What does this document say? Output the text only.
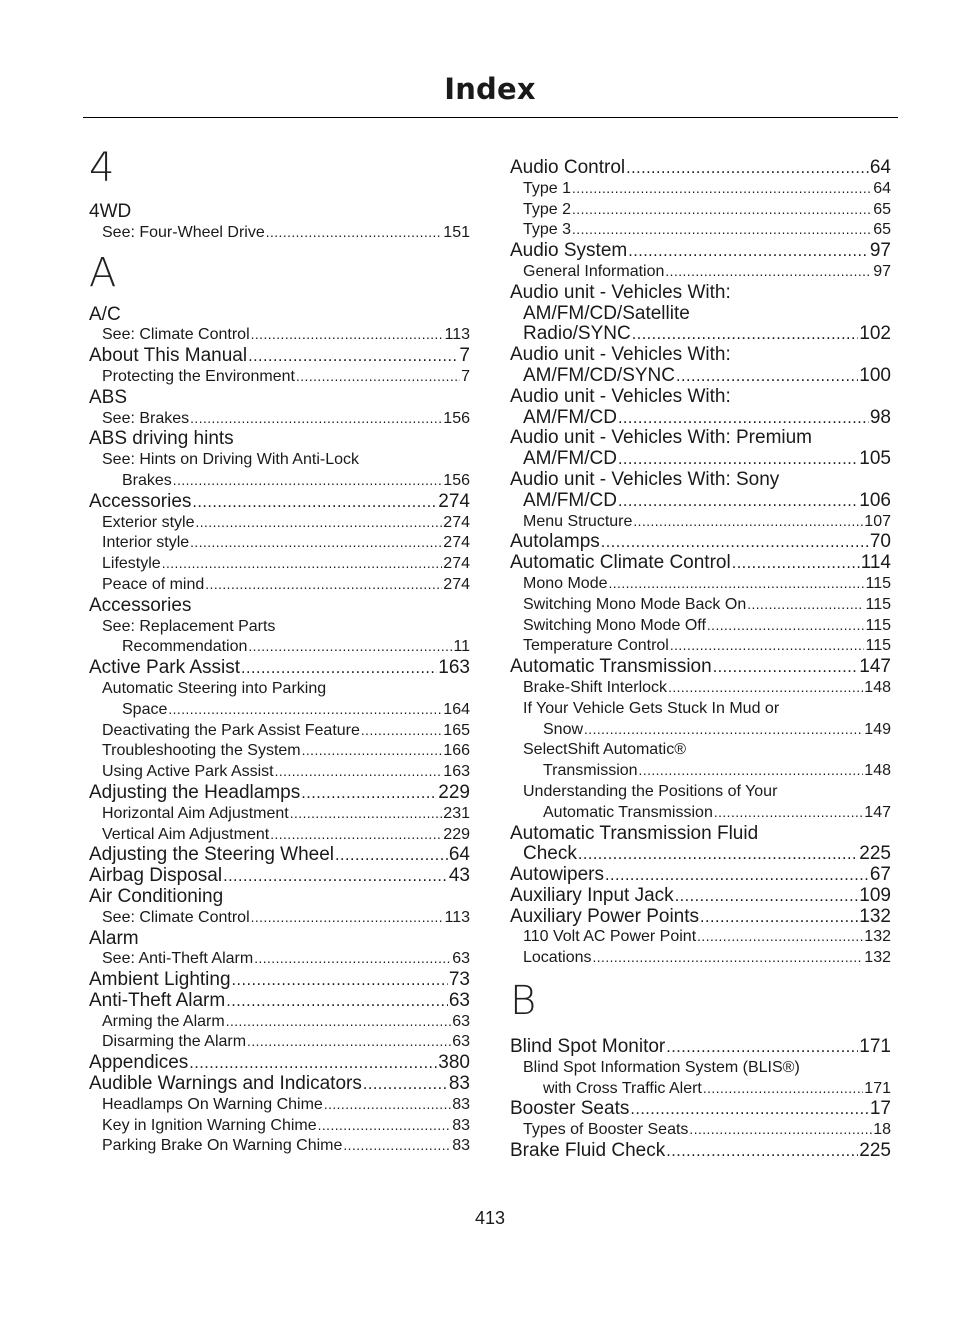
Index
4
4WD
See: Four-Wheel Drive .....	151
A
A/C
See: Climate Control .....	113
About This Manual .....	7
Protecting the Environment .....	7
ABS
See: Brakes .....	156
ABS driving hints
See: Hints on Driving With Anti-Lock
Brakes .....	156
Accessories .....	274
Exterior style .....	274
Interior style .....	274
Lifestyle .....	274
Peace of mind .....	274
Accessories
See: Replacement Parts
Recommendation .....	11
Active Park Assist .....	163
Automatic Steering into Parking
Space .....	164
Deactivating the Park Assist Feature .....	165
Troubleshooting the System .....	166
Using Active Park Assist .....	163
Adjusting the Headlamps .....	229
Horizontal Aim Adjustment .....	231
Vertical Aim Adjustment .....	229
Adjusting the Steering Wheel .....	64
Airbag Disposal .....	43
Air Conditioning
See: Climate Control .....	113
Alarm
See: Anti-Theft Alarm .....	63
Ambient Lighting .....	73
Anti-Theft Alarm .....	63
Arming the Alarm .....	63
Disarming the Alarm .....	63
Appendices .....	380
Audible Warnings and Indicators .....	83
Headlamps On Warning Chime .....	83
Key in Ignition Warning Chime .....	83
Parking Brake On Warning Chime .....	83
Audio Control .....	64
Type 1 .....	64
Type 2 .....	65
Type 3 .....	65
Audio System .....	97
General Information .....	97
Audio unit - Vehicles With:
AM/FM/CD/Satellite
Radio/SYNC .....	102
Audio unit - Vehicles With:
AM/FM/CD/SYNC .....	100
Audio unit - Vehicles With:
AM/FM/CD .....	98
Audio unit - Vehicles With: Premium
AM/FM/CD .....	105
Audio unit - Vehicles With: Sony
AM/FM/CD .....	106
Menu Structure .....	107
Autolamps .....	70
Automatic Climate Control .....	114
Mono Mode .....	115
Switching Mono Mode Back On .....	115
Switching Mono Mode Off .....	115
Temperature Control .....	115
Automatic Transmission .....	147
Brake-Shift Interlock .....	148
If Your Vehicle Gets Stuck In Mud or
Snow .....	149
SelectShift Automatic®
Transmission .....	148
Understanding the Positions of Your
Automatic Transmission .....	147
Automatic Transmission Fluid
Check .....	225
Autowipers .....	67
Auxiliary Input Jack .....	109
Auxiliary Power Points .....	132
110 Volt AC Power Point .....	132
Locations .....	132
B
Blind Spot Monitor .....	171
Blind Spot Information System (BLIS®)
with Cross Traffic Alert .....	171
Booster Seats .....	17
Types of Booster Seats .....	18
Brake Fluid Check .....	225
413
